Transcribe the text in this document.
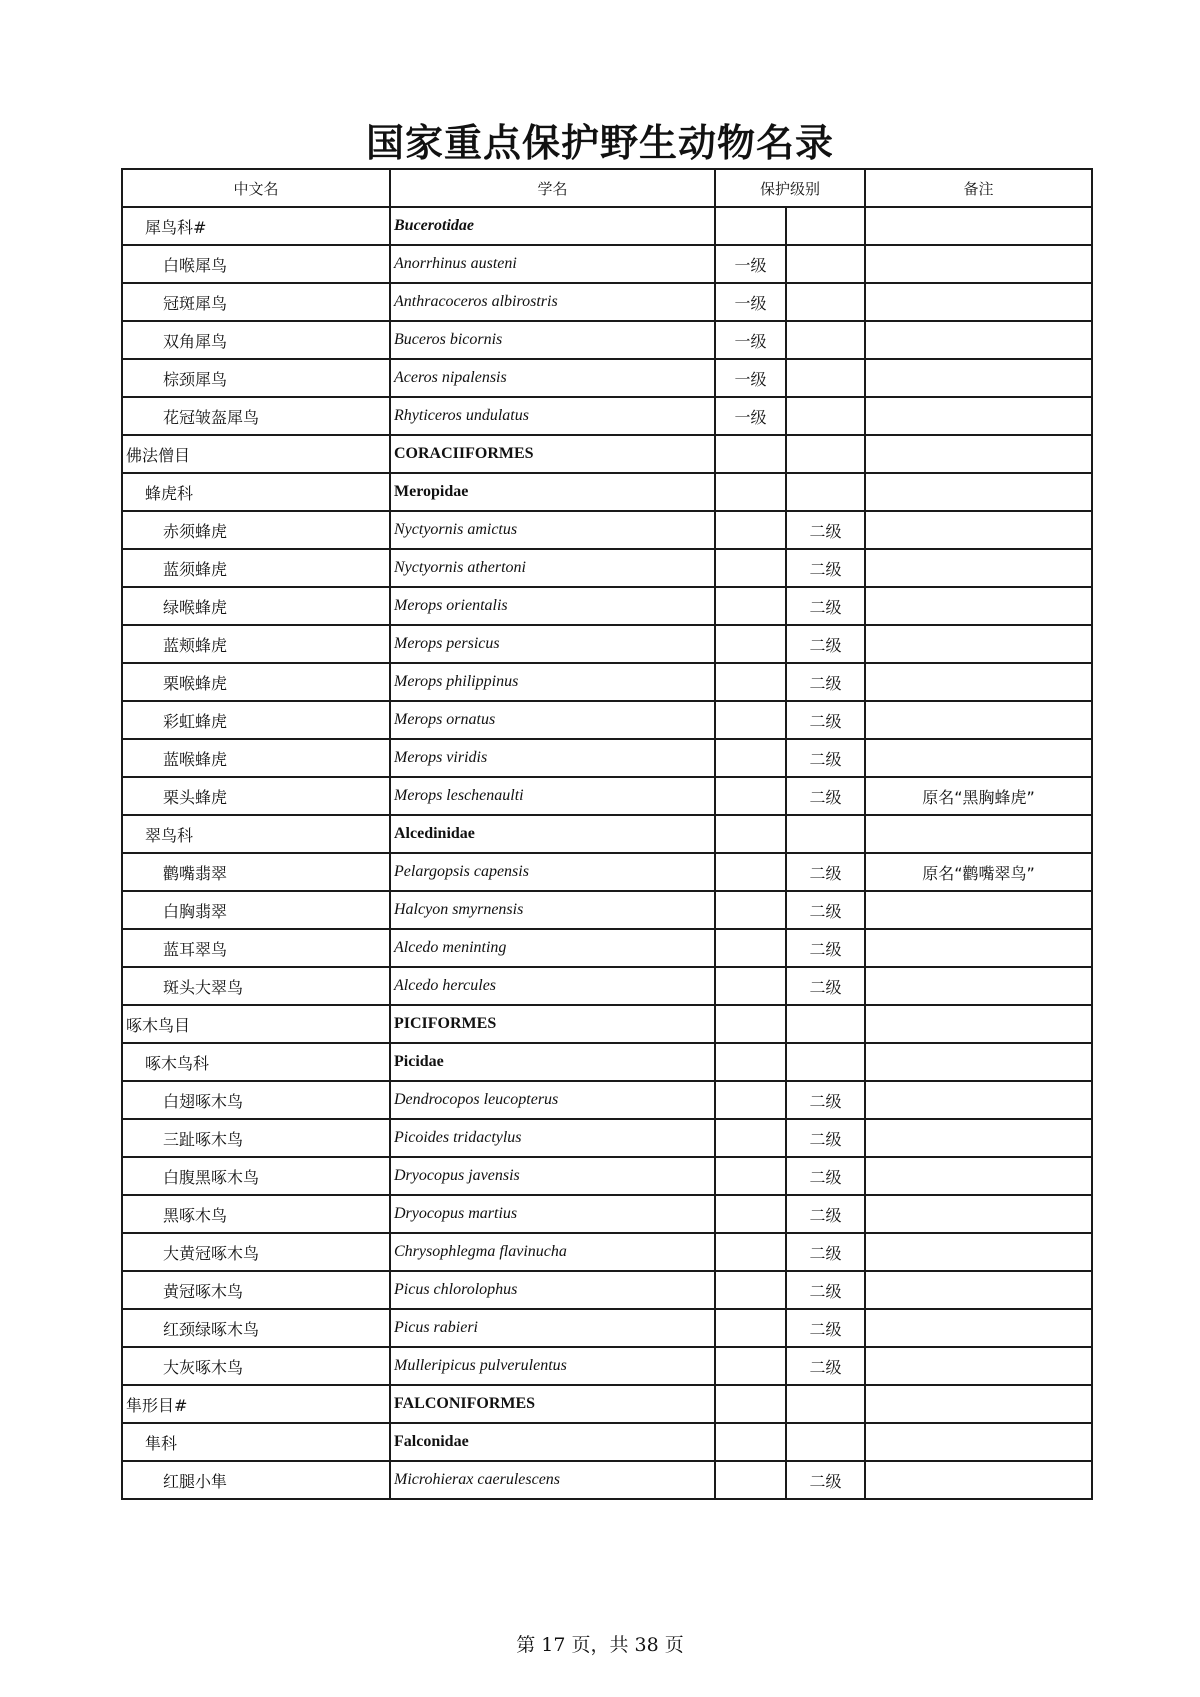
国家重点保护野生动物名录
中文名	学名	保护级别		备注
犀鸟科#	Bucerotidae			
白喉犀鸟	Anorrhinus austeni	一级		
冠斑犀鸟	Anthracoceros albirostris	一级		
双角犀鸟	Buceros bicornis	一级		
棕颈犀鸟	Aceros nipalensis	一级		
花冠皱盔犀鸟	Rhyticeros undulatus	一级		
佛法僧目	CORACIIFORMES			
蜂虎科	Meropidae			
赤须蜂虎	Nyctyornis amictus		二级	
蓝须蜂虎	Nyctyornis athertoni		二级	
绿喉蜂虎	Merops orientalis		二级	
蓝颊蜂虎	Merops persicus		二级	
栗喉蜂虎	Merops philippinus		二级	
彩虹蜂虎	Merops ornatus		二级	
蓝喉蜂虎	Merops viridis		二级	
栗头蜂虎	Merops leschenaulti		二级	原名“黑胸蜂虎”
翠鸟科	Alcedinidae			
鹳嘴翡翠	Pelargopsis capensis		二级	原名“鹳嘴翠鸟”
白胸翡翠	Halcyon smyrnensis		二级	
蓝耳翠鸟	Alcedo meninting		二级	
斑头大翠鸟	Alcedo hercules		二级	
啄木鸟目	PICIFORMES			
啄木鸟科	Picidae			
白翅啄木鸟	Dendrocopos leucopterus		二级	
三趾啄木鸟	Picoides tridactylus		二级	
白腹黑啄木鸟	Dryocopus javensis		二级	
黑啄木鸟	Dryocopus martius		二级	
大黄冠啄木鸟	Chrysophlegma flavinucha		二级	
黄冠啄木鸟	Picus chlorolophus		二级	
红颈绿啄木鸟	Picus rabieri		二级	
大灰啄木鸟	Mulleripicus pulverulentus		二级	
隼形目#	FALCONIFORMES			
隼科	Falconidae			
红腿小隼	Microhierax caerulescens		二级	
第 17 页，共 38 页
